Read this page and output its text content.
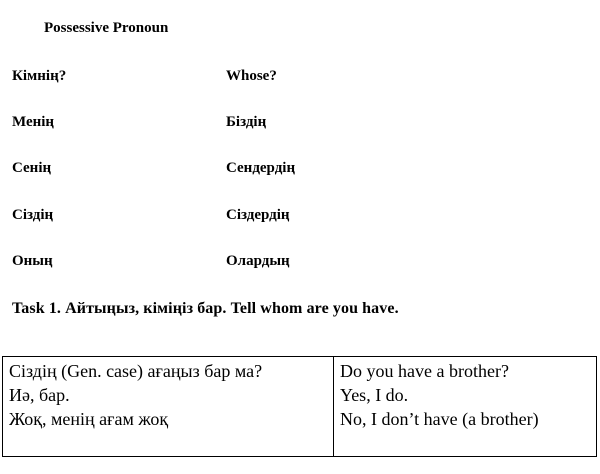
Possessive Pronoun
Кімнің?	Whose?
Менің	Біздің
Сенің	Сендердің
Сіздің	Сіздердің
Оның	Олардың
Task 1. Айтыңыз, кіміңіз бар. Tell whom are you have.
Сіздің (Gen. case) ағаңыз бар ма?
Иә, бар.
Жоқ, менің ағам жоқ

Do you have a brother?
Yes, I do.
No, I don’t have (a brother)
